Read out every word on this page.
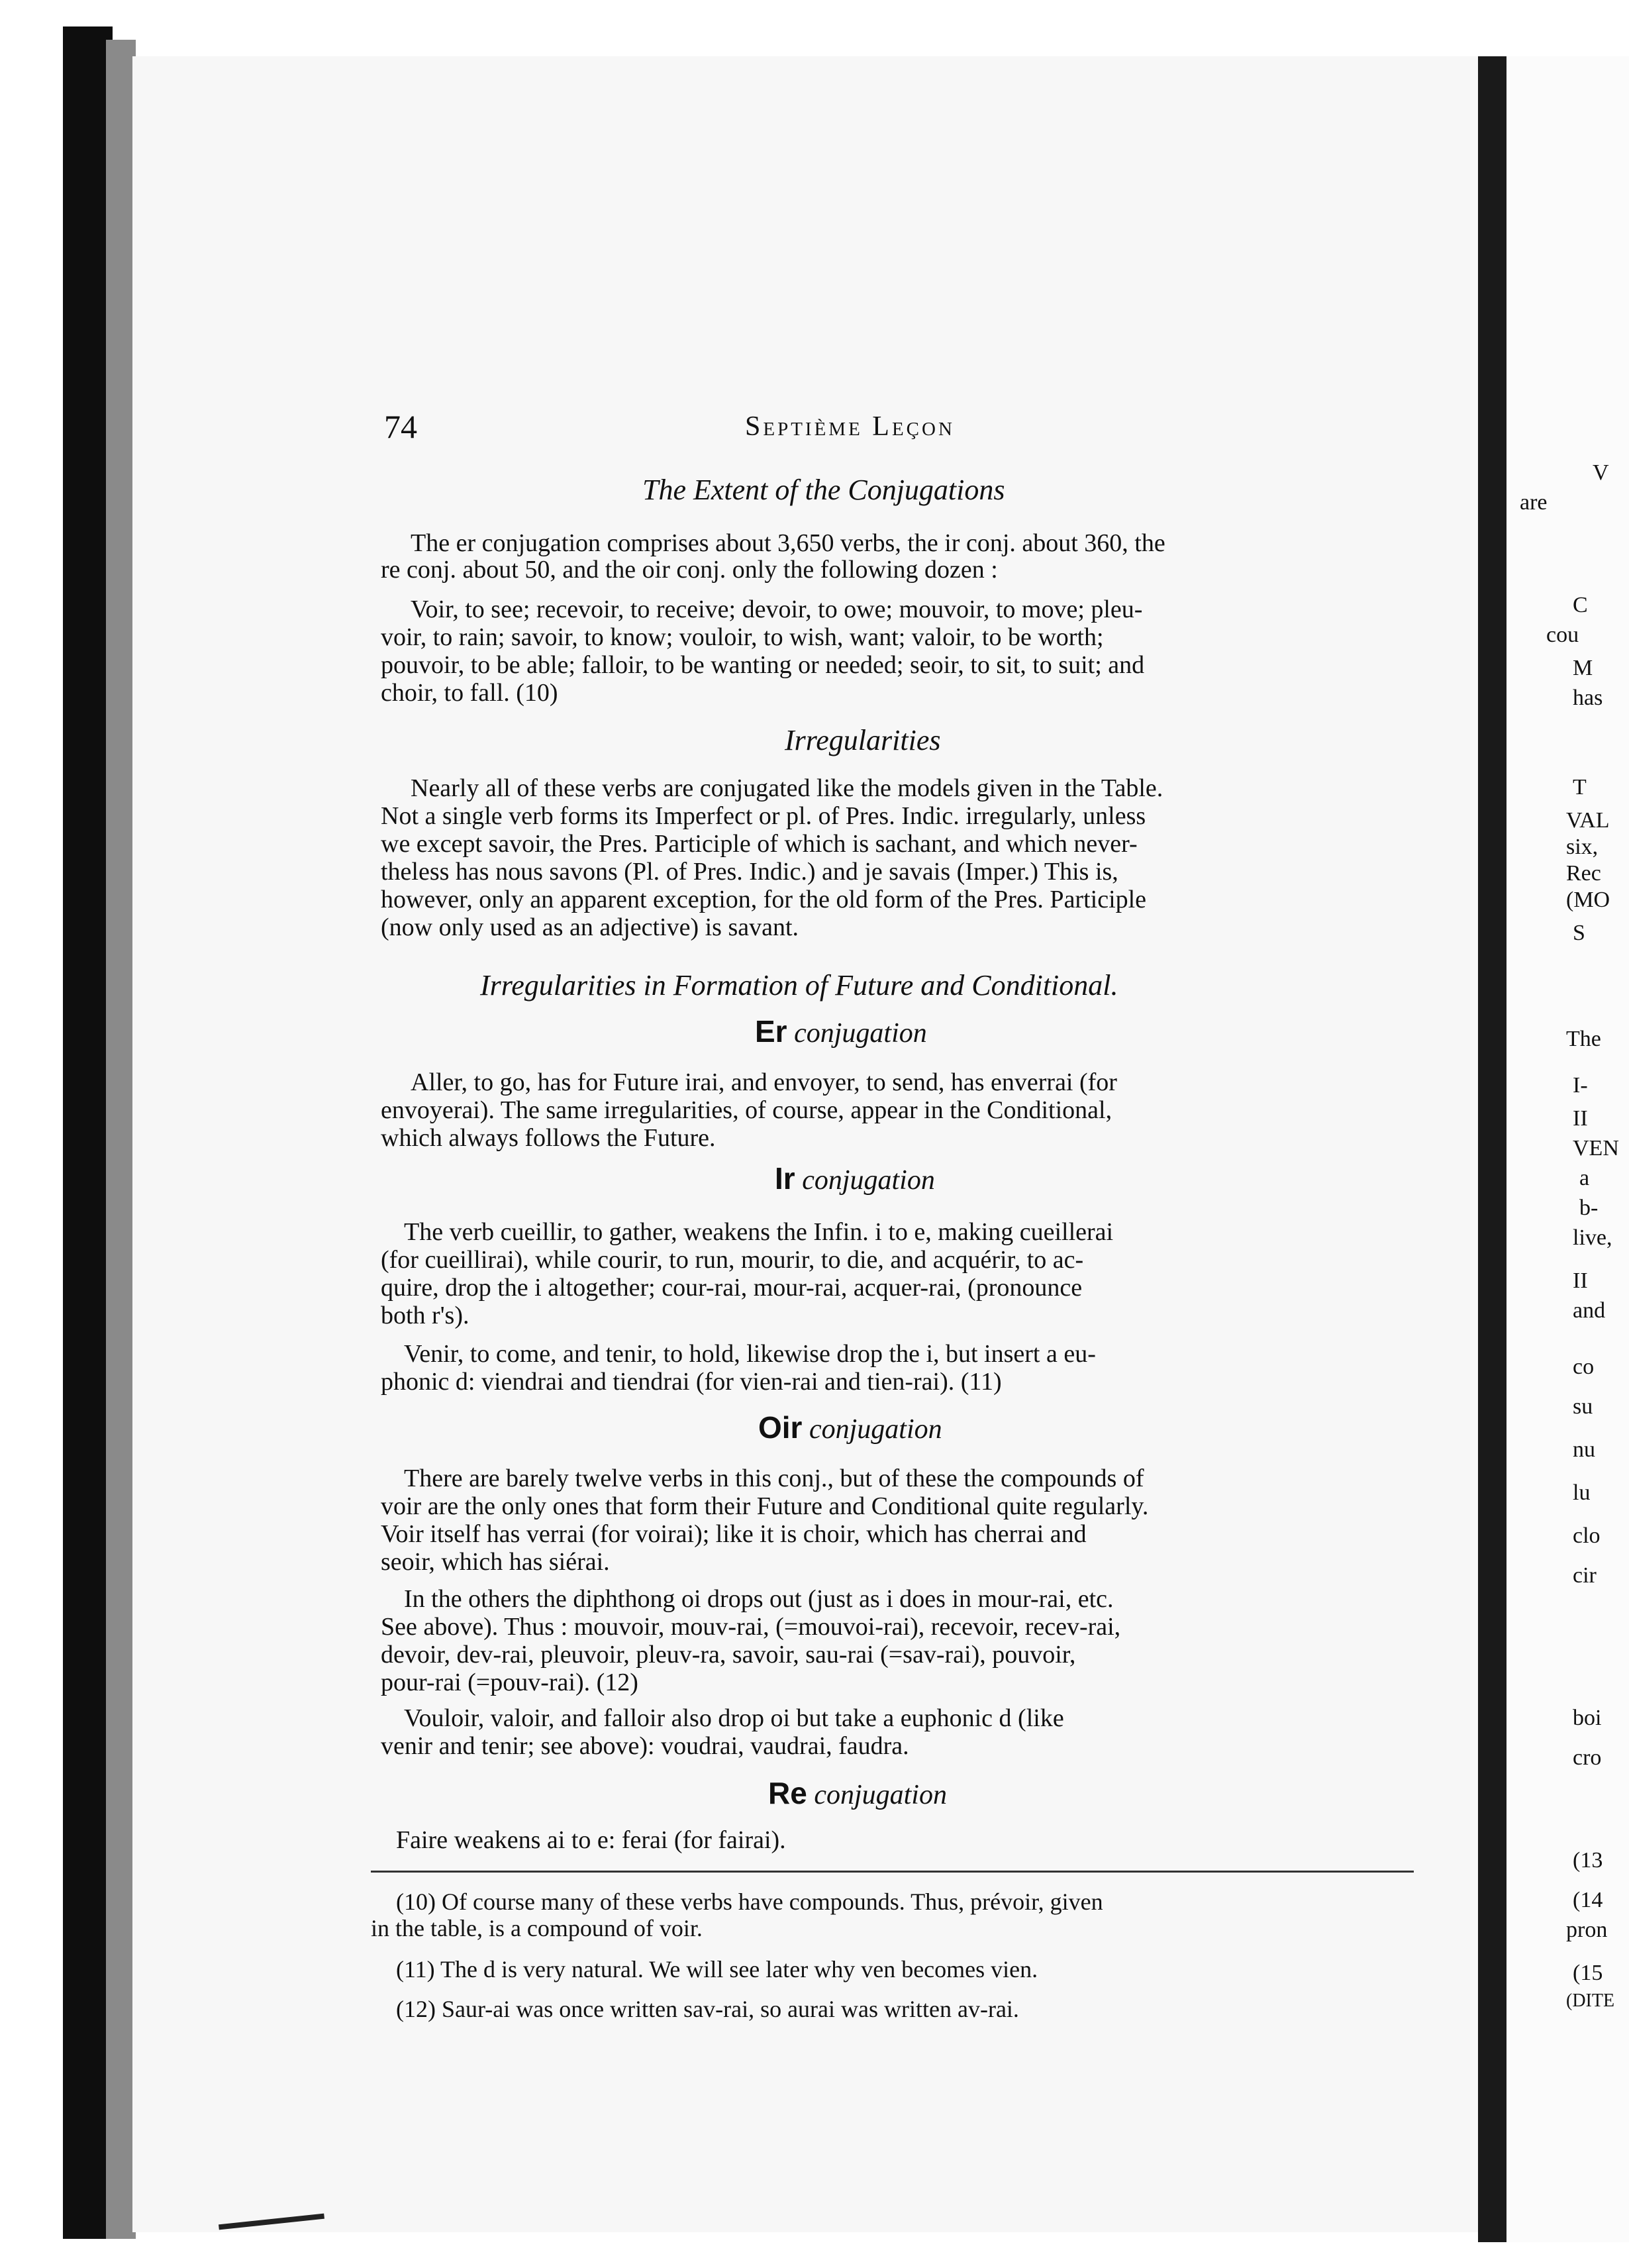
V
are
C
cou
M
has
T
VAL
six,
Rec
(MO
S
The
I-
II
VEN
a
b-
live,
II
and
co
su
nu
lu
clo
cir
boi
cro
(13
(14
pron
(15
(DITE
74	Septième Leçon
The Extent of the Conjugations
The er conjugation comprises about 3,650 verbs, the ir conj. about 360, the
re conj. about 50, and the oir conj. only the following dozen :
Voir, to see; recevoir, to receive; devoir, to owe; mouvoir, to move; pleu-
voir, to rain; savoir, to know; vouloir, to wish, want; valoir, to be worth;
pouvoir, to be able; falloir, to be wanting or needed; seoir, to sit, to suit; and
choir, to fall. (10)
Irregularities
Nearly all of these verbs are conjugated like the models given in the Table.
Not a single verb forms its Imperfect or pl. of Pres. Indic. irregularly, unless
we except savoir, the Pres. Participle of which is sachant, and which never-
theless has nous savons (Pl. of Pres. Indic.) and je savais (Imper.) This is,
however, only an apparent exception, for the old form of the Pres. Participle
(now only used as an adjective) is savant.
Irregularities in Formation of Future and Conditional.
Er conjugation
Aller, to go, has for Future irai, and envoyer, to send, has enverrai (for
envoyerai). The same irregularities, of course, appear in the Conditional,
which always follows the Future.
Ir conjugation
The verb cueillir, to gather, weakens the Infin. i to e, making cueillerai
(for cueillirai), while courir, to run, mourir, to die, and acquérir, to ac-
quire, drop the i altogether; cour-rai, mour-rai, acquer-rai, (pronounce
both r's).
Venir, to come, and tenir, to hold, likewise drop the i, but insert a eu-
phonic d: viendrai and tiendrai (for vien-rai and tien-rai). (11)
Oir conjugation
There are barely twelve verbs in this conj., but of these the compounds of
voir are the only ones that form their Future and Conditional quite regularly.
Voir itself has verrai (for voirai); like it is choir, which has cherrai and
seoir, which has siérai.
In the others the diphthong oi drops out (just as i does in mour-rai, etc.
See above). Thus : mouvoir, mouv-rai, (=mouvoi-rai), recevoir, recev-rai,
devoir, dev-rai, pleuvoir, pleuv-ra, savoir, sau-rai (=sav-rai), pouvoir,
pour-rai (=pouv-rai). (12)
Vouloir, valoir, and falloir also drop oi but take a euphonic d (like
venir and tenir; see above): voudrai, vaudrai, faudra.
Re conjugation
Faire weakens ai to e: ferai (for fairai).
(10) Of course many of these verbs have compounds. Thus, prévoir, given
in the table, is a compound of voir.
(11) The d is very natural. We will see later why ven becomes vien.
(12) Saur-ai was once written sav-rai, so aurai was written av-rai.
